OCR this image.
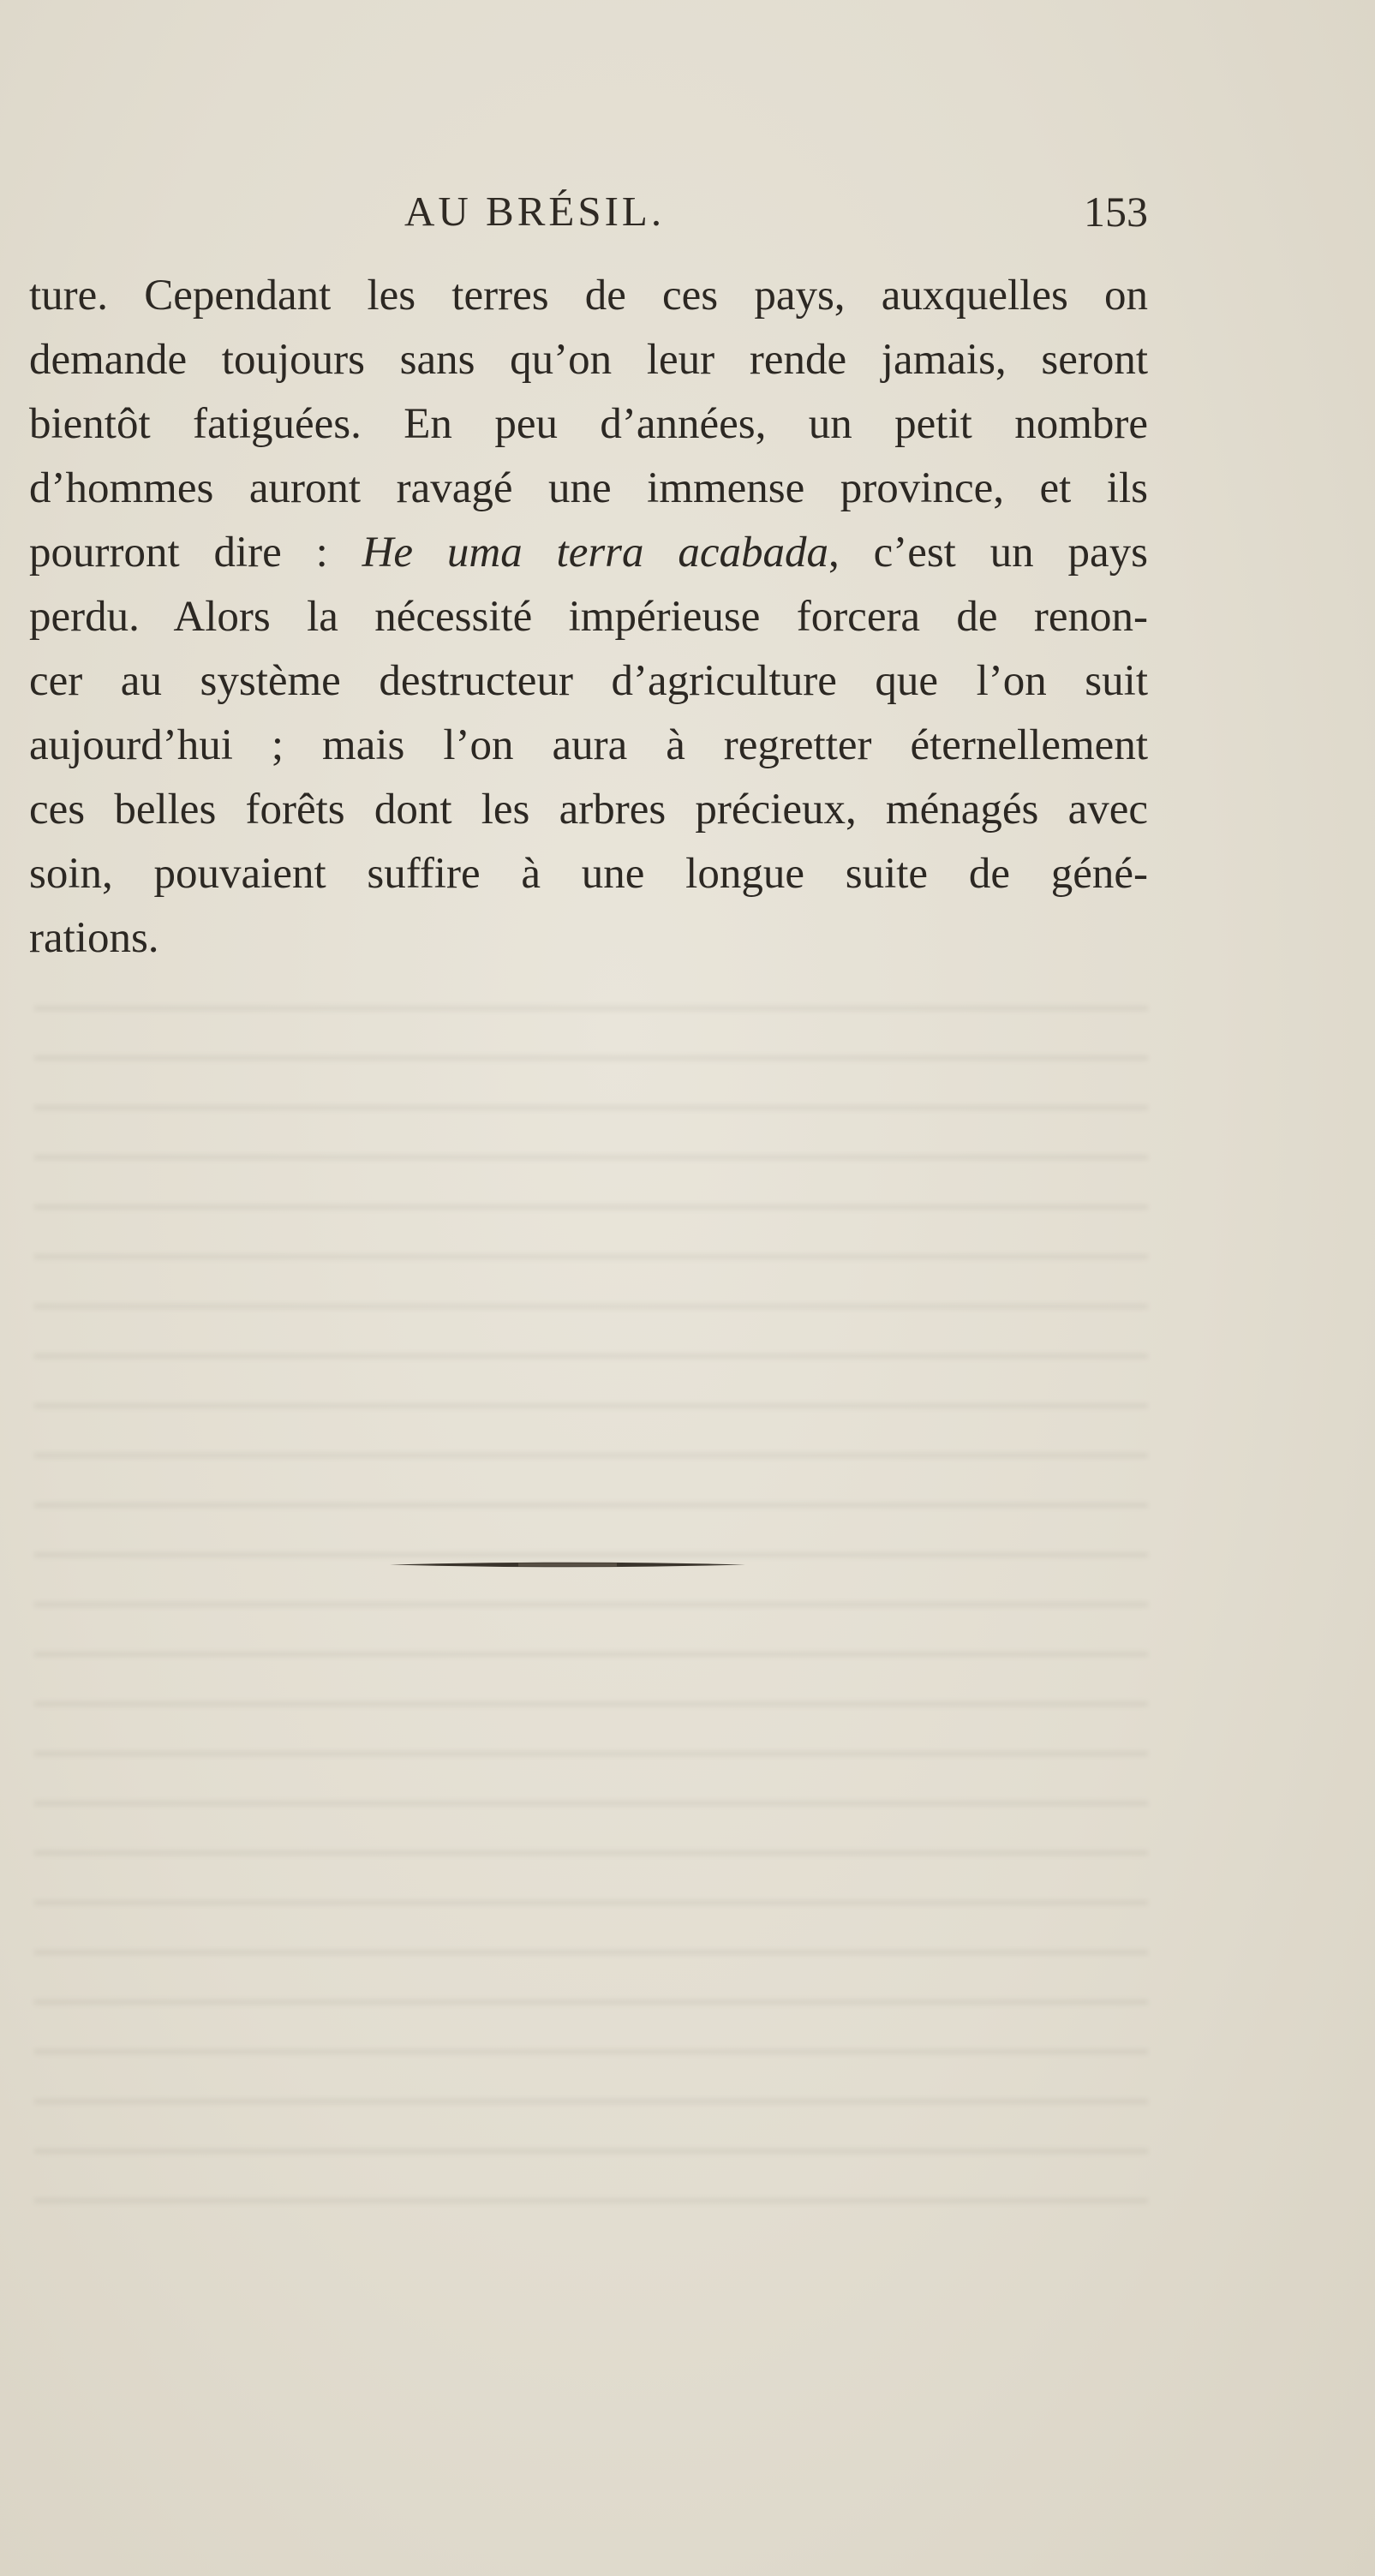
AU BRÉSIL.	153
ture. Cependant les terres de ces pays, auxquelles on
demande toujours sans qu’on leur rende jamais, seront
bientôt fatiguées. En peu d’années, un petit nombre
d’hommes auront ravagé une immense province, et ils
pourront dire : He uma terra acabada, c’est un pays
perdu. Alors la nécessité impérieuse forcera de renon-
cer au système destructeur d’agriculture que l’on suit
aujourd’hui ; mais l’on aura à regretter éternellement
ces belles forêts dont les arbres précieux, ménagés avec
soin, pouvaient suffire à une longue suite de géné-
rations.
